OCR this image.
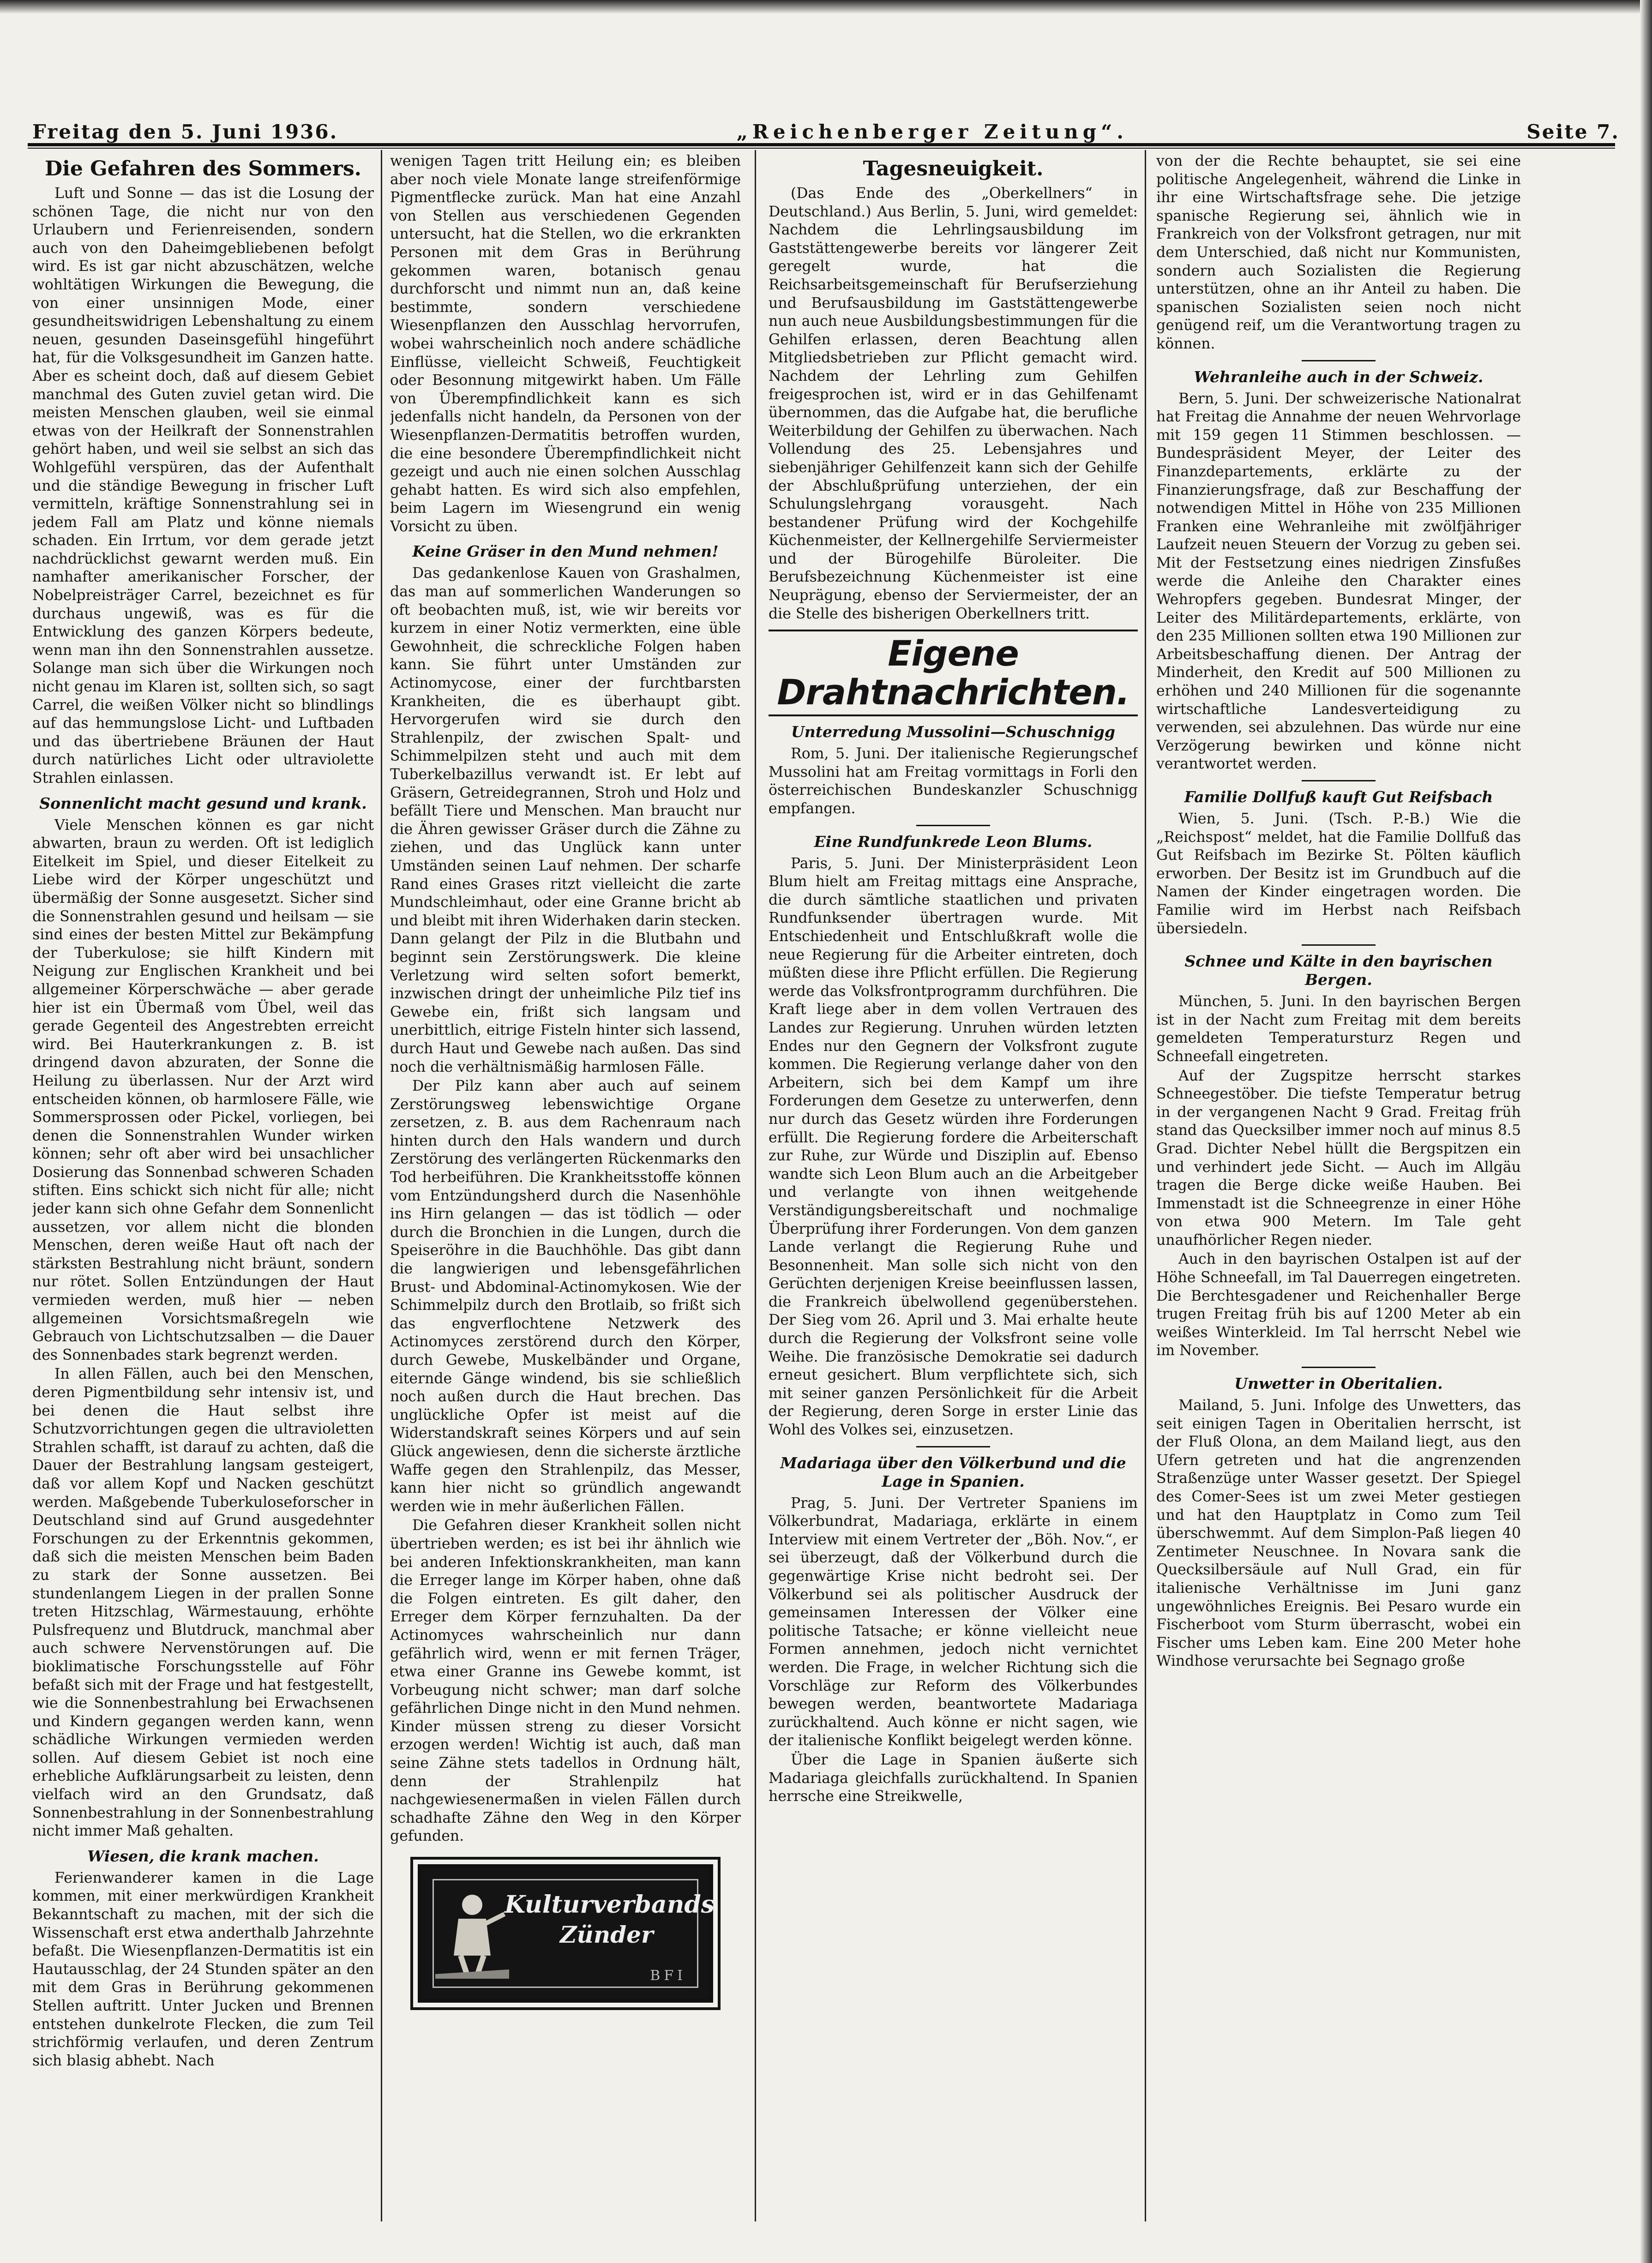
Freitag den 5. Juni 1936.	„Reichenberger Zeitung“.	Seite 7.
Die Gefahren des Sommers.

Luft und Sonne — das ist die Losung der schönen Tage, die nicht nur von den Urlaubern und Ferienreisenden, sondern auch von den Daheimgebliebenen befolgt wird. Es ist gar nicht abzuschätzen, welche wohltätigen Wirkungen die Bewegung, die von einer unsinnigen Mode, einer gesundheitswidrigen Lebenshaltung zu einem neuen, gesunden Daseinsgefühl hingeführt hat, für die Volksgesundheit im Ganzen hatte. Aber es scheint doch, daß auf diesem Gebiet manchmal des Guten zuviel getan wird. Die meisten Menschen glauben, weil sie einmal etwas von der Heilkraft der Sonnenstrahlen gehört haben, und weil sie selbst an sich das Wohlgefühl verspüren, das der Aufenthalt und die ständige Bewegung in frischer Luft vermitteln, kräftige Sonnenstrahlung sei in jedem Fall am Platz und könne niemals schaden. Ein Irrtum, vor dem gerade jetzt nachdrücklichst gewarnt werden muß. Ein namhafter amerikanischer Forscher, der Nobelpreisträger Carrel, bezeichnet es für durchaus ungewiß, was es für die Entwicklung des ganzen Körpers bedeute, wenn man ihn den Sonnenstrahlen aussetze. Solange man sich über die Wirkungen noch nicht genau im Klaren ist, sollten sich, so sagt Carrel, die weißen Völker nicht so blindlings auf das hemmungslose Licht- und Luftbaden und das übertriebene Bräunen der Haut durch natürliches Licht oder ultraviolette Strahlen einlassen.

Sonnenlicht macht gesund und krank.

Viele Menschen können es gar nicht abwarten, braun zu werden. Oft ist lediglich Eitelkeit im Spiel, und dieser Eitelkeit zu Liebe wird der Körper ungeschützt und übermäßig der Sonne ausgesetzt. Sicher sind die Sonnenstrahlen gesund und heilsam — sie sind eines der besten Mittel zur Bekämpfung der Tuberkulose; sie hilft Kindern mit Neigung zur Englischen Krankheit und bei allgemeiner Körperschwäche — aber gerade hier ist ein Übermaß vom Übel, weil das gerade Gegenteil des Angestrebten erreicht wird. Bei Hauterkrankungen z. B. ist dringend davon abzuraten, der Sonne die Heilung zu überlassen. Nur der Arzt wird entscheiden können, ob harmlosere Fälle, wie Sommersprossen oder Pickel, vorliegen, bei denen die Sonnenstrahlen Wunder wirken können; sehr oft aber wird bei unsachlicher Dosierung das Sonnenbad schweren Schaden stiften. Eins schickt sich nicht für alle; nicht jeder kann sich ohne Gefahr dem Sonnenlicht aussetzen, vor allem nicht die blonden Menschen, deren weiße Haut oft nach der stärksten Bestrahlung nicht bräunt, sondern nur rötet. Sollen Entzündungen der Haut vermieden werden, muß hier — neben allgemeinen Vorsichtsmaßregeln wie Gebrauch von Lichtschutzsalben — die Dauer des Sonnenbades stark begrenzt werden.

In allen Fällen, auch bei den Menschen, deren Pigmentbildung sehr intensiv ist, und bei denen die Haut selbst ihre Schutzvorrichtungen gegen die ultravioletten Strahlen schafft, ist darauf zu achten, daß die Dauer der Bestrahlung langsam gesteigert, daß vor allem Kopf und Nacken geschützt werden. Maßgebende Tuberkuloseforscher in Deutschland sind auf Grund ausgedehnter Forschungen zu der Erkenntnis gekommen, daß sich die meisten Menschen beim Baden zu stark der Sonne aussetzen. Bei stundenlangem Liegen in der prallen Sonne treten Hitzschlag, Wärmestauung, erhöhte Pulsfrequenz und Blutdruck, manchmal aber auch schwere Nervenstörungen auf. Die bioklimatische Forschungsstelle auf Föhr befaßt sich mit der Frage und hat festgestellt, wie die Sonnenbestrahlung bei Erwachsenen und Kindern gegangen werden kann, wenn schädliche Wirkungen vermieden werden sollen. Auf diesem Gebiet ist noch eine erhebliche Aufklärungsarbeit zu leisten, denn vielfach wird an den Grundsatz, daß Sonnenbestrahlung in der Sonnenbestrahlung nicht immer Maß gehalten.

Wiesen, die krank machen.

Ferienwanderer kamen in die Lage kommen, mit einer merkwürdigen Krankheit Bekanntschaft zu machen, mit der sich die Wissenschaft erst etwa anderthalb Jahrzehnte befaßt. Die Wiesenpflanzen-Dermatitis ist ein Hautausschlag, der 24 Stunden später an den mit dem Gras in Berührung gekommenen Stellen auftritt. Unter Jucken und Brennen entstehen dunkelrote Flecken, die zum Teil strichförmig verlaufen, und deren Zentrum sich blasig abhebt. Nach

wenigen Tagen tritt Heilung ein; es bleiben aber noch viele Monate lange streifenförmige Pigmentflecke zurück. Man hat eine Anzahl von Stellen aus verschiedenen Gegenden untersucht, hat die Stellen, wo die erkrankten Personen mit dem Gras in Berührung gekommen waren, botanisch genau durchforscht und nimmt nun an, daß keine bestimmte, sondern verschiedene Wiesenpflanzen den Ausschlag hervorrufen, wobei wahrscheinlich noch andere schädliche Einflüsse, vielleicht Schweiß, Feuchtigkeit oder Besonnung mitgewirkt haben. Um Fälle von Überempfindlichkeit kann es sich jedenfalls nicht handeln, da Personen von der Wiesenpflanzen-Dermatitis betroffen wurden, die eine besondere Überempfindlichkeit nicht gezeigt und auch nie einen solchen Ausschlag gehabt hatten. Es wird sich also empfehlen, beim Lagern im Wiesengrund ein wenig Vorsicht zu üben.

Keine Gräser in den Mund nehmen!

Das gedankenlose Kauen von Grashalmen, das man auf sommerlichen Wanderungen so oft beobachten muß, ist, wie wir bereits vor kurzem in einer Notiz vermerkten, eine üble Gewohnheit, die schreckliche Folgen haben kann. Sie führt unter Umständen zur Actinomycose, einer der furchtbarsten Krankheiten, die es überhaupt gibt. Hervorgerufen wird sie durch den Strahlenpilz, der zwischen Spalt- und Schimmelpilzen steht und auch mit dem Tuberkelbazillus verwandt ist. Er lebt auf Gräsern, Getreidegrannen, Stroh und Holz und befällt Tiere und Menschen. Man braucht nur die Ähren gewisser Gräser durch die Zähne zu ziehen, und das Unglück kann unter Umständen seinen Lauf nehmen. Der scharfe Rand eines Grases ritzt vielleicht die zarte Mundschleimhaut, oder eine Granne bricht ab und bleibt mit ihren Widerhaken darin stecken. Dann gelangt der Pilz in die Blutbahn und beginnt sein Zerstörungswerk. Die kleine Verletzung wird selten sofort bemerkt, inzwischen dringt der unheimliche Pilz tief ins Gewebe ein, frißt sich langsam und unerbittlich, eitrige Fisteln hinter sich lassend, durch Haut und Gewebe nach außen. Das sind noch die verhältnismäßig harmlosen Fälle.

Der Pilz kann aber auch auf seinem Zerstörungsweg lebenswichtige Organe zersetzen, z. B. aus dem Rachenraum nach hinten durch den Hals wandern und durch Zerstörung des verlängerten Rückenmarks den Tod herbeiführen. Die Krankheitsstoffe können vom Entzündungsherd durch die Nasenhöhle ins Hirn gelangen — das ist tödlich — oder durch die Bronchien in die Lungen, durch die Speiseröhre in die Bauchhöhle. Das gibt dann die langwierigen und lebensgefährlichen Brust- und Abdominal-Actinomykosen. Wie der Schimmelpilz durch den Brotlaib, so frißt sich das engverflochtene Netzwerk des Actinomyces zerstörend durch den Körper, durch Gewebe, Muskelbänder und Organe, eiternde Gänge windend, bis sie schließlich noch außen durch die Haut brechen. Das unglückliche Opfer ist meist auf die Widerstandskraft seines Körpers und auf sein Glück angewiesen, denn die sicherste ärztliche Waffe gegen den Strahlenpilz, das Messer, kann hier nicht so gründlich angewandt werden wie in mehr äußerlichen Fällen.

Die Gefahren dieser Krankheit sollen nicht übertrieben werden; es ist bei ihr ähnlich wie bei anderen Infektionskrankheiten, man kann die Erreger lange im Körper haben, ohne daß die Folgen eintreten. Es gilt daher, den Erreger dem Körper fernzuhalten. Da der Actinomyces wahrscheinlich nur dann gefährlich wird, wenn er mit fernen Träger, etwa einer Granne ins Gewebe kommt, ist Vorbeugung nicht schwer; man darf solche gefährlichen Dinge nicht in den Mund nehmen. Kinder müssen streng zu dieser Vorsicht erzogen werden! Wichtig ist auch, daß man seine Zähne stets tadellos in Ordnung hält, denn der Strahlenpilz hat nachgewiesenermaßen in vielen Fällen durch schadhafte Zähne den Weg in den Körper gefunden.

Kulturverbands
Zünder
BFI
Tagesneuigkeit.

(Das Ende des „Oberkellners“ in Deutschland.) Aus Berlin, 5. Juni, wird gemeldet: Nachdem die Lehrlingsausbildung im Gaststättengewerbe bereits vor längerer Zeit geregelt wurde, hat die Reichsarbeitsgemeinschaft für Berufserziehung und Berufsausbildung im Gaststättengewerbe nun auch neue Ausbildungsbestimmungen für die Gehilfen erlassen, deren Beachtung allen Mitgliedsbetrieben zur Pflicht gemacht wird. Nachdem der Lehrling zum Gehilfen freigesprochen ist, wird er in das Gehilfenamt übernommen, das die Aufgabe hat, die berufliche Weiterbildung der Gehilfen zu überwachen. Nach Vollendung des 25. Lebensjahres und siebenjähriger Gehilfenzeit kann sich der Gehilfe der Abschlußprüfung unterziehen, der ein Schulungslehrgang vorausgeht. Nach bestandener Prüfung wird der Kochgehilfe Küchenmeister, der Kellnergehilfe Serviermeister und der Bürogehilfe Büroleiter. Die Berufsbezeichnung Küchenmeister ist eine Neuprägung, ebenso der Serviermeister, der an die Stelle des bisherigen Oberkellners tritt.

Eigene Drahtnachrichten.
Unterredung Mussolini—Schuschnigg

Rom, 5. Juni. Der italienische Regierungschef Mussolini hat am Freitag vormittags in Forli den österreichischen Bundeskanzler Schuschnigg empfangen.

Eine Rundfunkrede Leon Blums.

Paris, 5. Juni. Der Ministerpräsident Leon Blum hielt am Freitag mittags eine Ansprache, die durch sämtliche staatlichen und privaten Rundfunksender übertragen wurde. Mit Entschiedenheit und Entschlußkraft wolle die neue Regierung für die Arbeiter eintreten, doch müßten diese ihre Pflicht erfüllen. Die Regierung werde das Volksfrontprogramm durchführen. Die Kraft liege aber in dem vollen Vertrauen des Landes zur Regierung. Unruhen würden letzten Endes nur den Gegnern der Volksfront zugute kommen. Die Regierung verlange daher von den Arbeitern, sich bei dem Kampf um ihre Forderungen dem Gesetze zu unterwerfen, denn nur durch das Gesetz würden ihre Forderungen erfüllt. Die Regierung fordere die Arbeiterschaft zur Ruhe, zur Würde und Disziplin auf. Ebenso wandte sich Leon Blum auch an die Arbeitgeber und verlangte von ihnen weitgehende Verständigungsbereitschaft und nochmalige Überprüfung ihrer Forderungen. Von dem ganzen Lande verlangt die Regierung Ruhe und Besonnenheit. Man solle sich nicht von den Gerüchten derjenigen Kreise beeinflussen lassen, die Frankreich übelwollend gegenüberstehen. Der Sieg vom 26. April und 3. Mai erhalte heute durch die Regierung der Volksfront seine volle Weihe. Die französische Demokratie sei dadurch erneut gesichert. Blum verpflichtete sich, sich mit seiner ganzen Persönlichkeit für die Arbeit der Regierung, deren Sorge in erster Linie das Wohl des Volkes sei, einzusetzen.

Madariaga über den Völkerbund und die Lage in Spanien.

Prag, 5. Juni. Der Vertreter Spaniens im Völkerbundrat, Madariaga, erklärte in einem Interview mit einem Vertreter der „Böh. Nov.“, er sei überzeugt, daß der Völkerbund durch die gegenwärtige Krise nicht bedroht sei. Der Völkerbund sei als politischer Ausdruck der gemeinsamen Interessen der Völker eine politische Tatsache; er könne vielleicht neue Formen annehmen, jedoch nicht vernichtet werden. Die Frage, in welcher Richtung sich die Vorschläge zur Reform des Völkerbundes bewegen werden, beantwortete Madariaga zurückhaltend. Auch könne er nicht sagen, wie der italienische Konflikt beigelegt werden könne.

Über die Lage in Spanien äußerte sich Madariaga gleichfalls zurückhaltend. In Spanien herrsche eine Streikwelle,

von der die Rechte behauptet, sie sei eine politische Angelegenheit, während die Linke in ihr eine Wirtschaftsfrage sehe. Die jetzige spanische Regierung sei, ähnlich wie in Frankreich von der Volksfront getragen, nur mit dem Unterschied, daß nicht nur Kommunisten, sondern auch Sozialisten die Regierung unterstützen, ohne an ihr Anteil zu haben. Die spanischen Sozialisten seien noch nicht genügend reif, um die Verantwortung tragen zu können.

Wehranleihe auch in der Schweiz.

Bern, 5. Juni. Der schweizerische Nationalrat hat Freitag die Annahme der neuen Wehrvorlage mit 159 gegen 11 Stimmen beschlossen. — Bundespräsident Meyer, der Leiter des Finanzdepartements, erklärte zu der Finanzierungsfrage, daß zur Beschaffung der notwendigen Mittel in Höhe von 235 Millionen Franken eine Wehranleihe mit zwölfjähriger Laufzeit neuen Steuern der Vorzug zu geben sei. Mit der Festsetzung eines niedrigen Zinsfußes werde die Anleihe den Charakter eines Wehropfers gegeben. Bundesrat Minger, der Leiter des Militärdepartements, erklärte, von den 235 Millionen sollten etwa 190 Millionen zur Arbeitsbeschaffung dienen. Der Antrag der Minderheit, den Kredit auf 500 Millionen zu erhöhen und 240 Millionen für die sogenannte wirtschaftliche Landesverteidigung zu verwenden, sei abzulehnen. Das würde nur eine Verzögerung bewirken und könne nicht verantwortet werden.

Familie Dollfuß kauft Gut Reifsbach

Wien, 5. Juni. (Tsch. P.-B.) Wie die „Reichspost“ meldet, hat die Familie Dollfuß das Gut Reifsbach im Bezirke St. Pölten käuflich erworben. Der Besitz ist im Grundbuch auf die Namen der Kinder eingetragen worden. Die Familie wird im Herbst nach Reifsbach übersiedeln.

Schnee und Kälte in den bayrischen Bergen.

München, 5. Juni. In den bayrischen Bergen ist in der Nacht zum Freitag mit dem bereits gemeldeten Temperatursturz Regen und Schneefall eingetreten.

Auf der Zugspitze herrscht starkes Schneegestöber. Die tiefste Temperatur betrug in der vergangenen Nacht 9 Grad. Freitag früh stand das Quecksilber immer noch auf minus 8.5 Grad. Dichter Nebel hüllt die Bergspitzen ein und verhindert jede Sicht. — Auch im Allgäu tragen die Berge dicke weiße Hauben. Bei Immenstadt ist die Schneegrenze in einer Höhe von etwa 900 Metern. Im Tale geht unaufhörlicher Regen nieder.

Auch in den bayrischen Ostalpen ist auf der Höhe Schneefall, im Tal Dauerregen eingetreten. Die Berchtesgadener und Reichenhaller Berge trugen Freitag früh bis auf 1200 Meter ab ein weißes Winterkleid. Im Tal herrscht Nebel wie im November.

Unwetter in Oberitalien.

Mailand, 5. Juni. Infolge des Unwetters, das seit einigen Tagen in Oberitalien herrscht, ist der Fluß Olona, an dem Mailand liegt, aus den Ufern getreten und hat die angrenzenden Straßenzüge unter Wasser gesetzt. Der Spiegel des Comer-Sees ist um zwei Meter gestiegen und hat den Hauptplatz in Como zum Teil überschwemmt. Auf dem Simplon-Paß liegen 40 Zentimeter Neuschnee. In Novara sank die Quecksilbersäule auf Null Grad, ein für italienische Verhältnisse im Juni ganz ungewöhnliches Ereignis. Bei Pesaro wurde ein Fischerboot vom Sturm überrascht, wobei ein Fischer ums Leben kam. Eine 200 Meter hohe Windhose verursachte bei Segnago große
